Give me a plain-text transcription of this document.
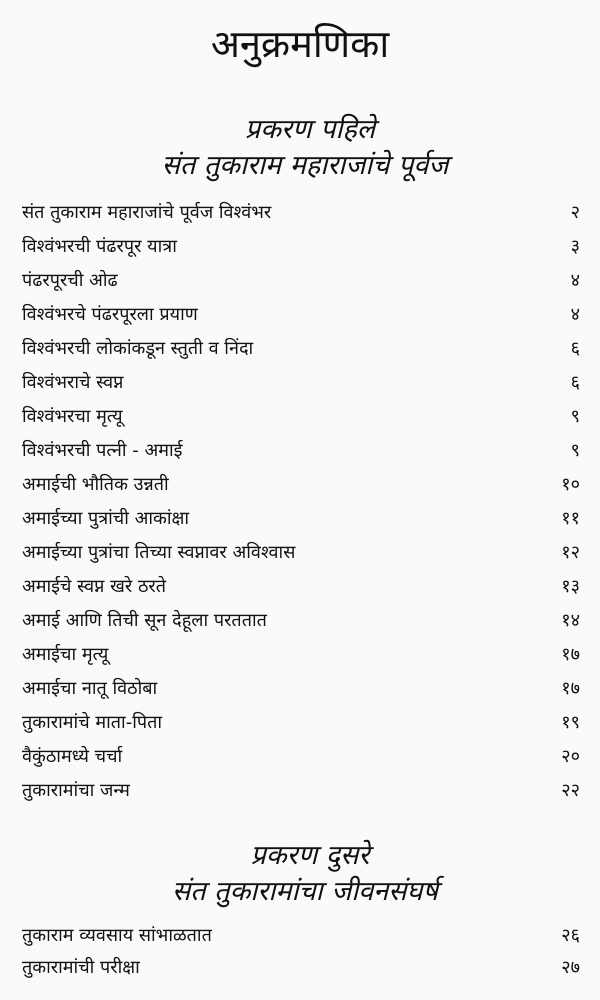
अनुक्रमणिका
प्रकरण पहिले
संत तुकाराम महाराजांचे पूर्वज
संत तुकाराम महाराजांचे पूर्वज विश्वंभर	२
विश्वंभरची पंढरपूर यात्रा	३
पंढरपूरची ओढ	४
विश्वंभरचे पंढरपूरला प्रयाण	४
विश्वंभरची लोकांकडून स्तुती व निंदा	६
विश्वंभराचे स्वप्न	६
विश्वंभरचा मृत्यू	९
विश्वंभरची पत्नी - अमाई	९
अमाईची भौतिक उन्नती	१०
अमाईच्या पुत्रांची आकांक्षा	११
अमाईच्या पुत्रांचा तिच्या स्वप्नावर अविश्वास	१२
अमाईचे स्वप्न खरे ठरते	१३
अमाई आणि तिची सून देहूला परततात	१४
अमाईचा मृत्यू	१७
अमाईचा नातू विठोबा	१७
तुकारामांचे माता-पिता	१९
वैकुंठामध्ये चर्चा	२०
तुकारामांचा जन्म	२२
प्रकरण दुसरे
संत तुकारामांचा जीवनसंघर्ष
तुकाराम व्यवसाय सांभाळतात	२६
तुकारामांची परीक्षा	२७
